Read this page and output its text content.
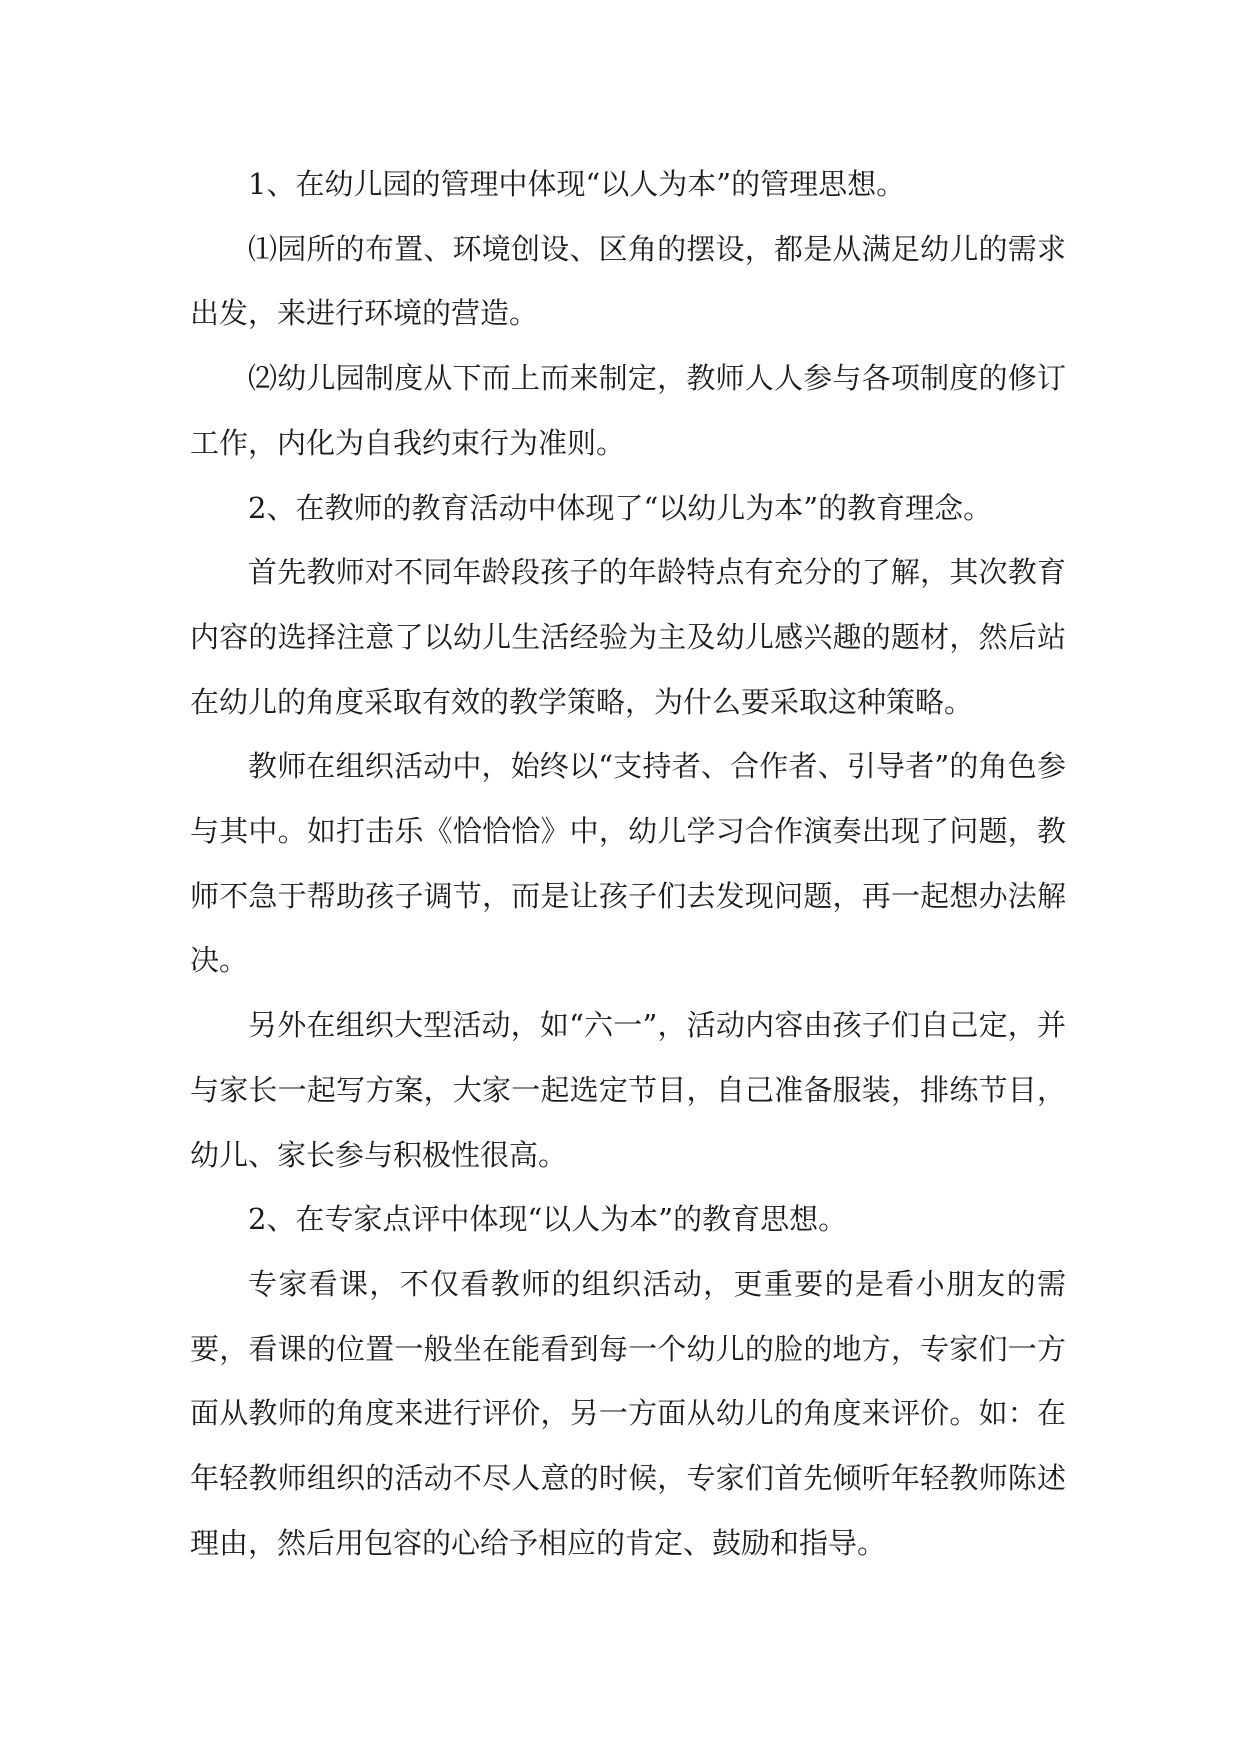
1、在幼儿园的管理中体现“以人为本”的管理思想。

⑴园所的布置、环境创设、区角的摆设，都是从满足幼儿的需求出发，来进行环境的营造。

⑵幼儿园制度从下而上而来制定，教师人人参与各项制度的修订工作，内化为自我约束行为准则。

2、在教师的教育活动中体现了“以幼儿为本”的教育理念。

首先教师对不同年龄段孩子的年龄特点有充分的了解，其次教育内容的选择注意了以幼儿生活经验为主及幼儿感兴趣的题材，然后站在幼儿的角度采取有效的教学策略，为什么要采取这种策略。

教师在组织活动中，始终以“支持者、合作者、引导者”的角色参与其中。如打击乐《恰恰恰》中，幼儿学习合作演奏出现了问题，教师不急于帮助孩子调节，而是让孩子们去发现问题，再一起想办法解决。

另外在组织大型活动，如“六一”，活动内容由孩子们自己定，并与家长一起写方案，大家一起选定节目，自己准备服装，排练节目，幼儿、家长参与积极性很高。

2、在专家点评中体现“以人为本”的教育思想。

专家看课，不仅看教师的组织活动，更重要的是看小朋友的需要，看课的位置一般坐在能看到每一个幼儿的脸的地方，专家们一方面从教师的角度来进行评价，另一方面从幼儿的角度来评价。如：在年轻教师组织的活动不尽人意的时候，专家们首先倾听年轻教师陈述理由，然后用包容的心给予相应的肯定、鼓励和指导。
